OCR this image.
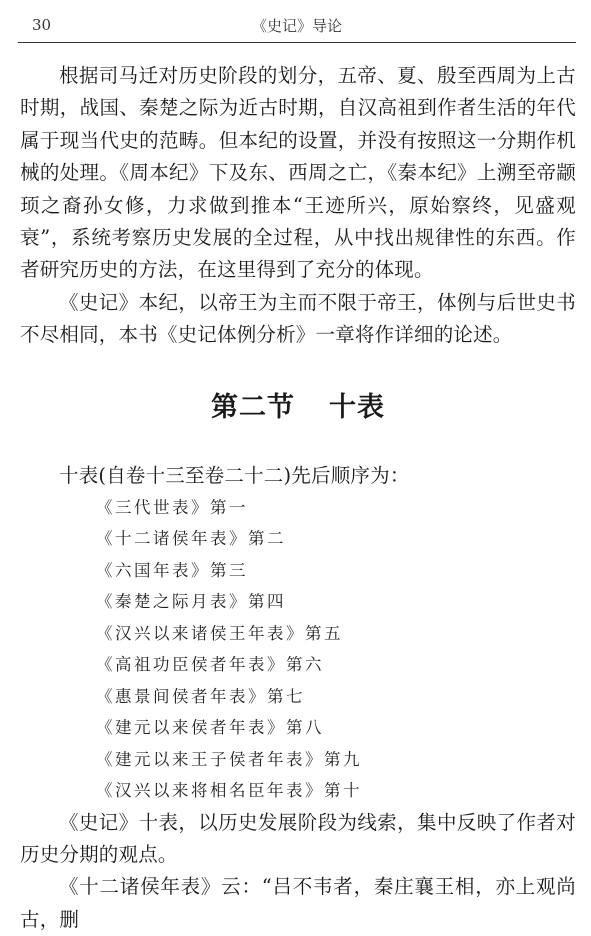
30	《史记》导论

根据司马迁对历史阶段的划分，五帝、夏、殷至西周为上古时期，战国、秦楚之际为近古时期，自汉高祖到作者生活的年代属于现当代史的范畴。但本纪的设置，并没有按照这一分期作机械的处理。《周本纪》下及东、西周之亡，《秦本纪》上溯至帝颛顼之裔孙女修，力求做到推本“王迹所兴，原始察终，见盛观衰”，系统考察历史发展的全过程，从中找出规律性的东西。作者研究历史的方法，在这里得到了充分的体现。

《史记》本纪，以帝王为主而不限于帝王，体例与后世史书不尽相同，本书《史记体例分析》一章将作详细的论述。

第二节 十表

十表(自卷十三至卷二十二)先后顺序为：

《三代世表》第一
《十二诸侯年表》第二
《六国年表》第三
《秦楚之际月表》第四
《汉兴以来诸侯王年表》第五
《高祖功臣侯者年表》第六
《惠景间侯者年表》第七
《建元以来侯者年表》第八
《建元以来王子侯者年表》第九
《汉兴以来将相名臣年表》第十

《史记》十表，以历史发展阶段为线索，集中反映了作者对历史分期的观点。

《十二诸侯年表》云：“吕不韦者，秦庄襄王相，亦上观尚古，删
